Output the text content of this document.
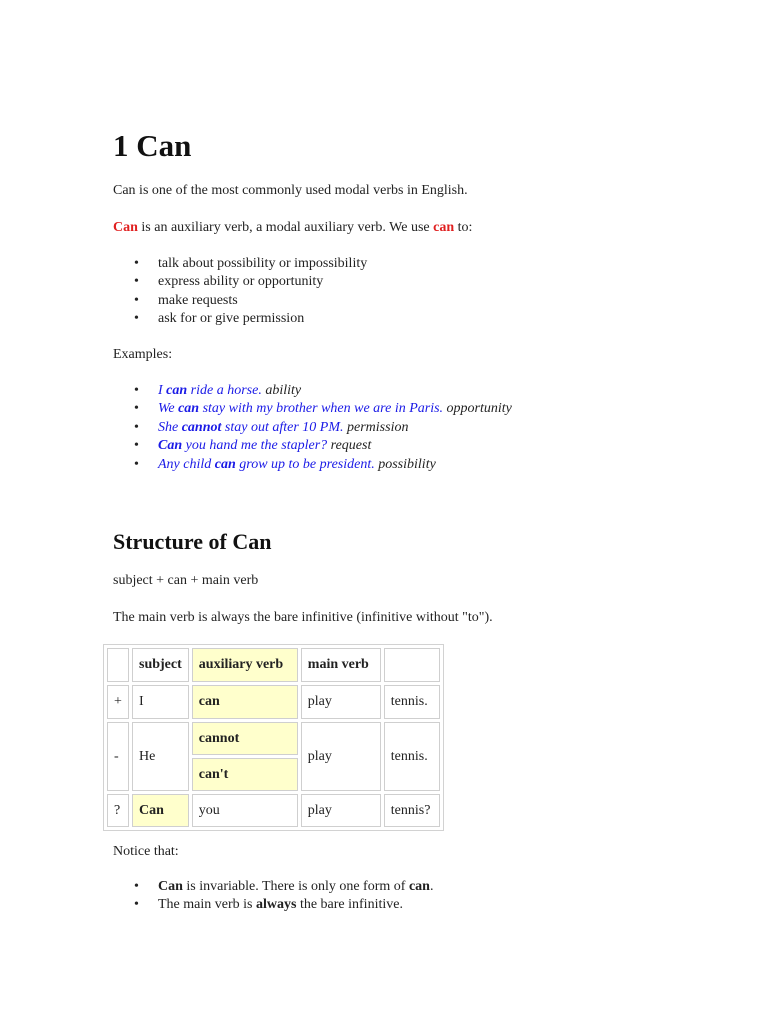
1 Can

Can is one of the most commonly used modal verbs in English.

Can is an auxiliary verb, a modal auxiliary verb. We use can to:

• talk about possibility or impossibility
• express ability or opportunity
• make requests
• ask for or give permission

Examples:

• I can ride a horse. ability
• We can stay with my brother when we are in Paris. opportunity
• She cannot stay out after 10 PM. permission
• Can you hand me the stapler? request
• Any child can grow up to be president. possibility
Structure of Can

subject + can + main verb

The main verb is always the bare infinitive (infinitive without "to").

	subject	auxiliary verb	main verb	
+	I	can	play	tennis.
-	He	cannot	play	tennis.
		can't		
?	Can	you	play	tennis?

Notice that:

• Can is invariable. There is only one form of can.
• The main verb is always the bare infinitive.
